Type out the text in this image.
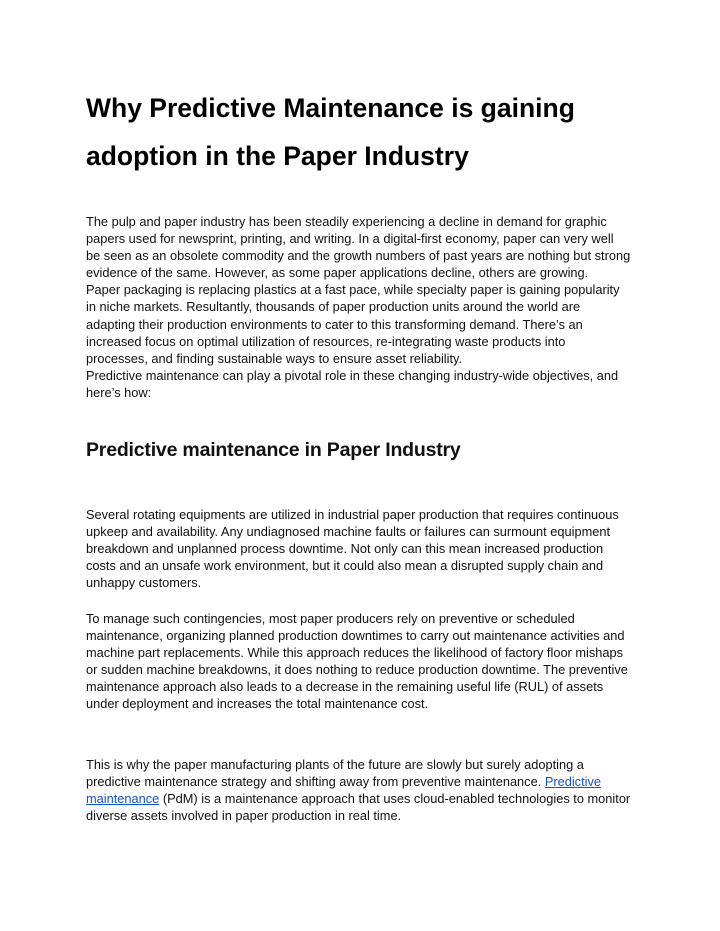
Why Predictive Maintenance is gaining
adoption in the Paper Industry

The pulp and paper industry has been steadily experiencing a decline in demand for graphic
papers used for newsprint, printing, and writing. In a digital-first economy, paper can very well
be seen as an obsolete commodity and the growth numbers of past years are nothing but strong
evidence of the same. However, as some paper applications decline, others are growing.
Paper packaging is replacing plastics at a fast pace, while specialty paper is gaining popularity
in niche markets. Resultantly, thousands of paper production units around the world are
adapting their production environments to cater to this transforming demand. There’s an
increased focus on optimal utilization of resources, re-integrating waste products into
processes, and finding sustainable ways to ensure asset reliability.

Predictive maintenance can play a pivotal role in these changing industry-wide objectives, and
here’s how:

Predictive maintenance in Paper Industry

Several rotating equipments are utilized in industrial paper production that requires continuous
upkeep and availability. Any undiagnosed machine faults or failures can surmount equipment
breakdown and unplanned process downtime. Not only can this mean increased production
costs and an unsafe work environment, but it could also mean a disrupted supply chain and
unhappy customers.

To manage such contingencies, most paper producers rely on preventive or scheduled
maintenance, organizing planned production downtimes to carry out maintenance activities and
machine part replacements. While this approach reduces the likelihood of factory floor mishaps
or sudden machine breakdowns, it does nothing to reduce production downtime. The preventive
maintenance approach also leads to a decrease in the remaining useful life (RUL) of assets
under deployment and increases the total maintenance cost.

This is why the paper manufacturing plants of the future are slowly but surely adopting a
predictive maintenance strategy and shifting away from preventive maintenance. Predictive
maintenance (PdM) is a maintenance approach that uses cloud-enabled technologies to monitor
diverse assets involved in paper production in real time.
